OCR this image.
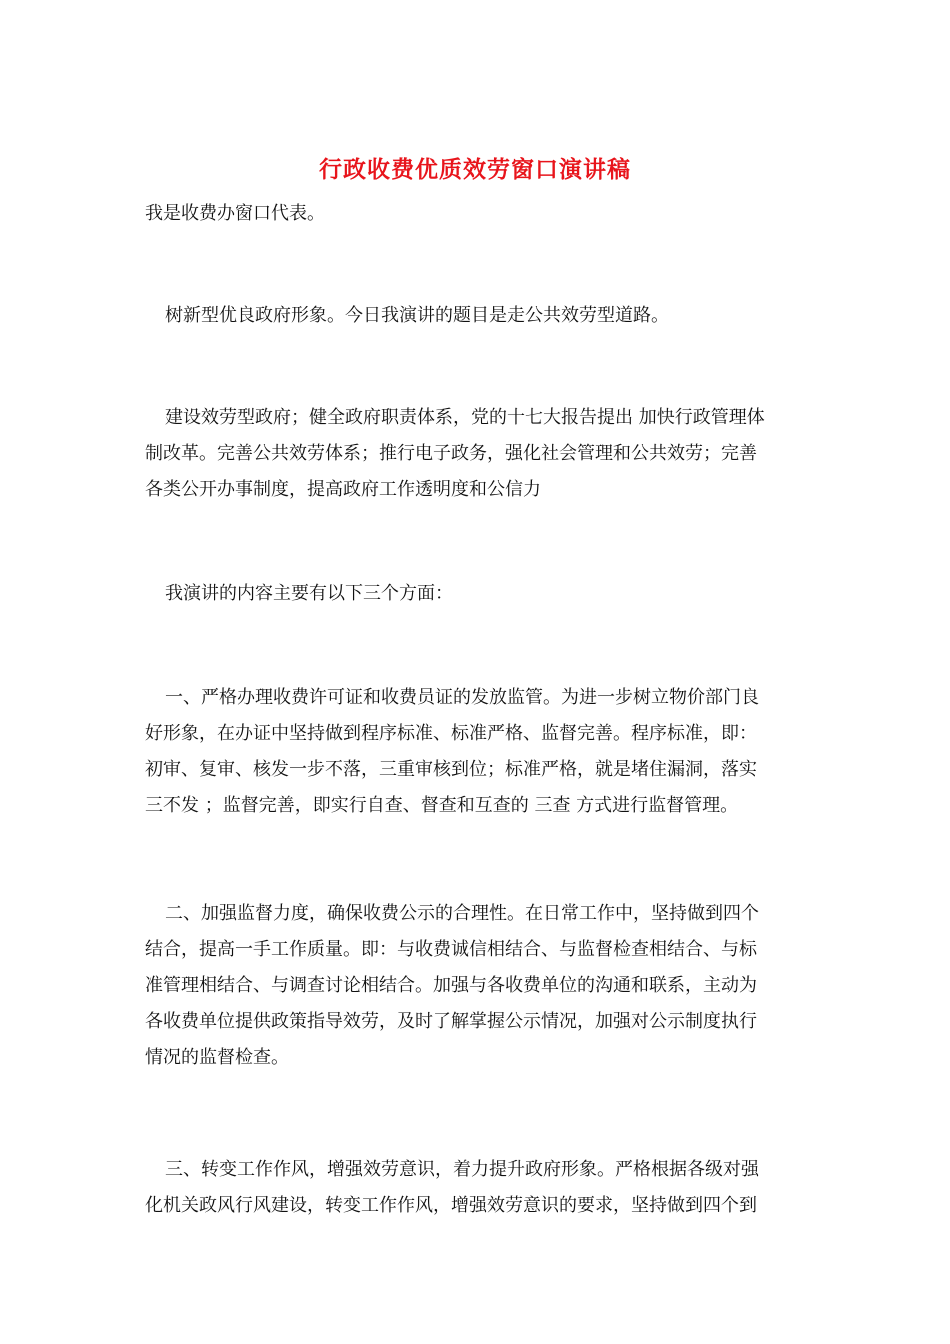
行政收费优质效劳窗口演讲稿
我是收费办窗口代表。
树新型优良政府形象。今日我演讲的题目是走公共效劳型道路。
建设效劳型政府；健全政府职责体系，党的十七大报告提出 加快行政管理体
制改革。完善公共效劳体系；推行电子政务，强化社会管理和公共效劳；完善
各类公开办事制度，提高政府工作透明度和公信力
我演讲的内容主要有以下三个方面：
一、严格办理收费许可证和收费员证的发放监管。为进一步树立物价部门良
好形象，在办证中坚持做到程序标准、标准严格、监督完善。程序标准，即：
初审、复审、核发一步不落，三重审核到位；标准严格，就是堵住漏洞，落实
三不发 ；监督完善，即实行自查、督查和互查的 三查 方式进行监督管理。
二、加强监督力度，确保收费公示的合理性。在日常工作中，坚持做到四个
结合，提高一手工作质量。即：与收费诚信相结合、与监督检查相结合、与标
准管理相结合、与调查讨论相结合。加强与各收费单位的沟通和联系，主动为
各收费单位提供政策指导效劳，及时了解掌握公示情况，加强对公示制度执行
情况的监督检查。
三、转变工作作风，增强效劳意识，着力提升政府形象。严格根据各级对强
化机关政风行风建设，转变工作作风，增强效劳意识的要求，坚持做到四个到
